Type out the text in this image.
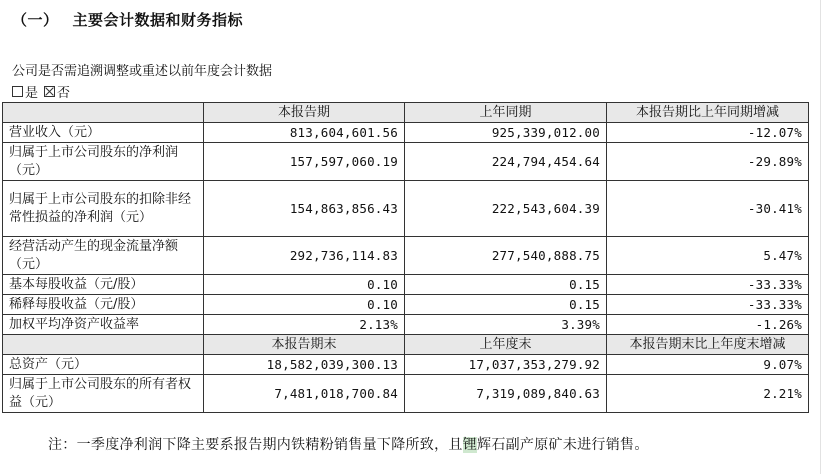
（一） 主要会计数据和财务指标
公司是否需追溯调整或重述以前年度会计数据
是 否
	本报告期	上年同期	本报告期比上年同期增减
营业收入（元）	813,604,601.56	925,339,012.00	-12.07%
归属于上市公司股东的净利润（元）	157,597,060.19	224,794,454.64	-29.89%
归属于上市公司股东的扣除非经常性损益的净利润（元）	154,863,856.43	222,543,604.39	-30.41%
经营活动产生的现金流量净额（元）	292,736,114.83	277,540,888.75	5.47%
基本每股收益（元/股）	0.10	0.15	-33.33%
稀释每股收益（元/股）	0.10	0.15	-33.33%
加权平均净资产收益率	2.13%	3.39%	-1.26%
	本报告期末	上年度末	本报告期末比上年度末增减
总资产（元）	18,582,039,300.13	17,037,353,279.92	9.07%
归属于上市公司股东的所有者权益（元）	7,481,018,700.84	7,319,089,840.63	2.21%
注：一季度净利润下降主要系报告期内铁精粉销售量下降所致，且锂辉石副产原矿未进行销售。
